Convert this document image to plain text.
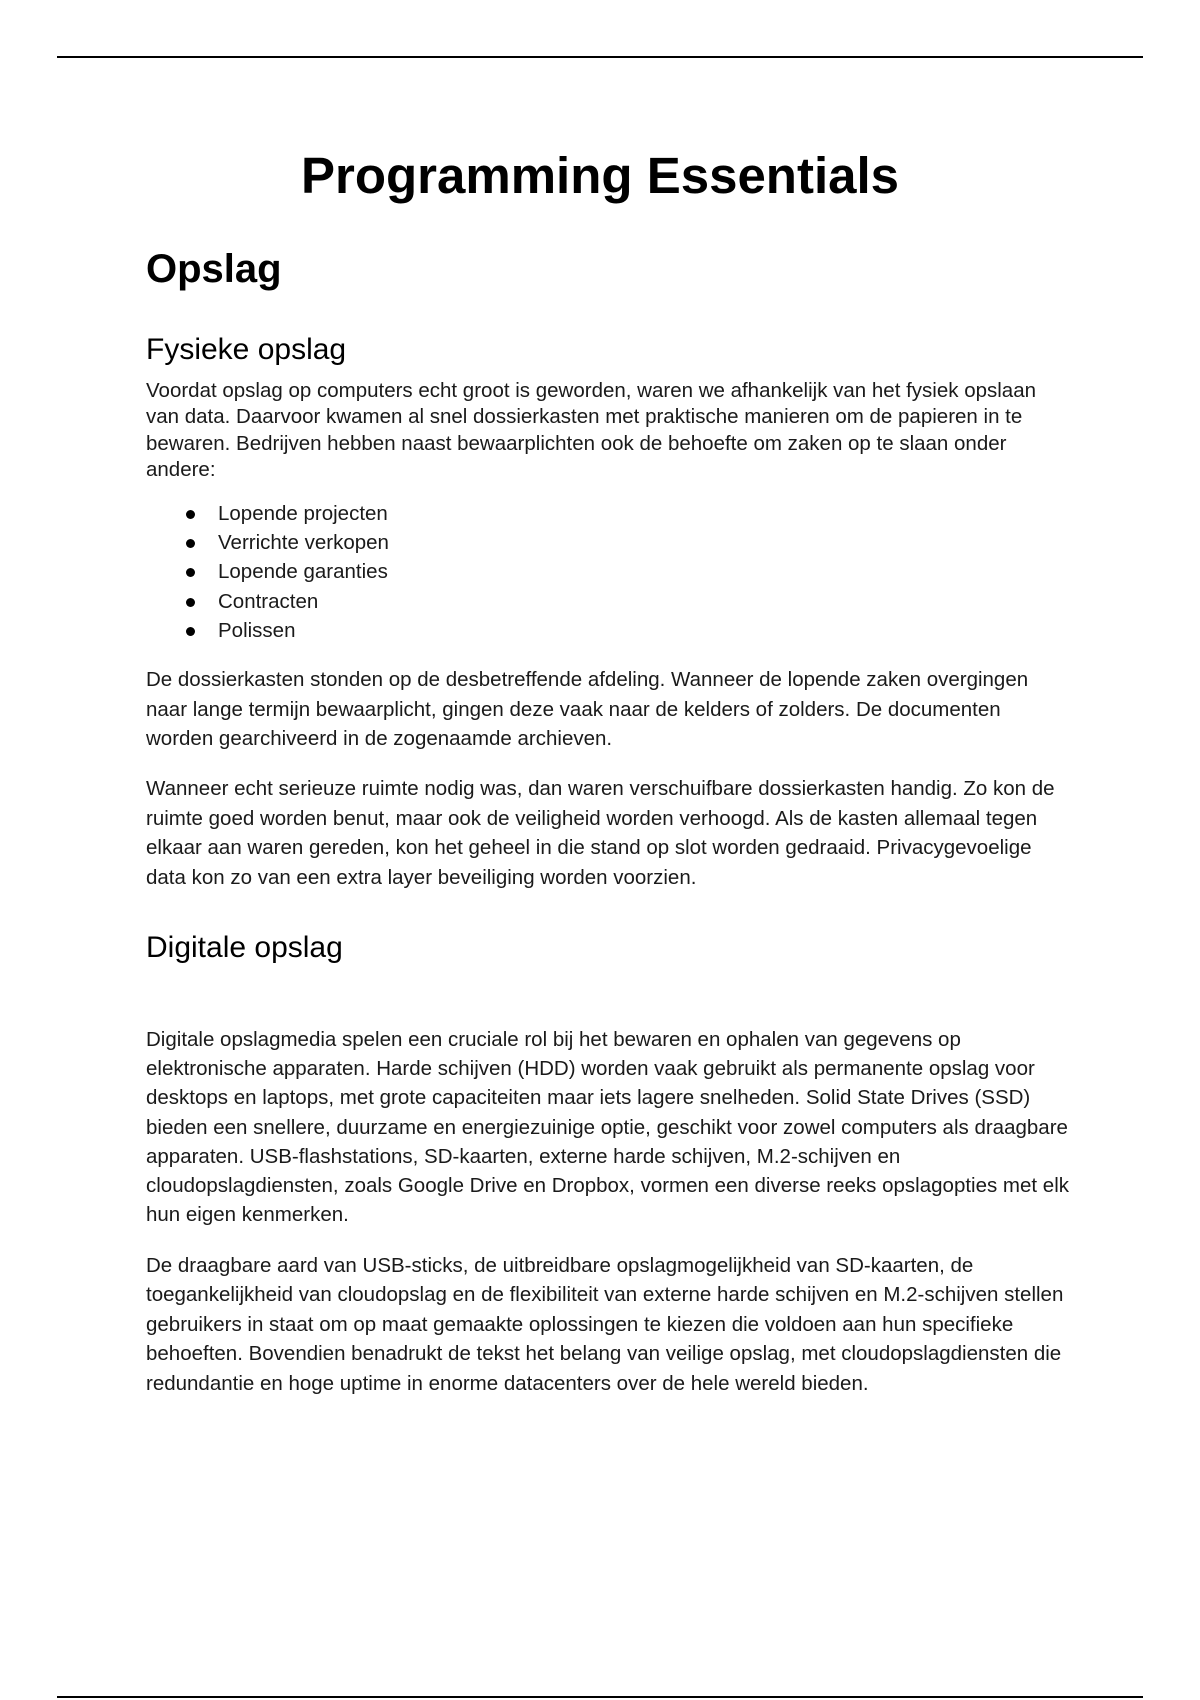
Programming Essentials
Opslag
Fysieke opslag

Voordat opslag op computers echt groot is geworden, waren we afhankelijk van het fysiek opslaan van data. Daarvoor kwamen al snel dossierkasten met praktische manieren om de papieren in te bewaren. Bedrijven hebben naast bewaarplichten ook de behoefte om zaken op te slaan onder andere:

Lopende projecten
Verrichte verkopen
Lopende garanties
Contracten
Polissen

De dossierkasten stonden op de desbetreffende afdeling. Wanneer de lopende zaken overgingen naar lange termijn bewaarplicht, gingen deze vaak naar de kelders of zolders. De documenten worden gearchiveerd in de zogenaamde archieven.

Wanneer echt serieuze ruimte nodig was, dan waren verschuifbare dossierkasten handig. Zo kon de ruimte goed worden benut, maar ook de veiligheid worden verhoogd. Als de kasten allemaal tegen elkaar aan waren gereden, kon het geheel in die stand op slot worden gedraaid. Privacygevoelige data kon zo van een extra layer beveiliging worden voorzien.

Digitale opslag

Digitale opslagmedia spelen een cruciale rol bij het bewaren en ophalen van gegevens op elektronische apparaten. Harde schijven (HDD) worden vaak gebruikt als permanente opslag voor desktops en laptops, met grote capaciteiten maar iets lagere snelheden. Solid State Drives (SSD) bieden een snellere, duurzame en energiezuinige optie, geschikt voor zowel computers als draagbare apparaten. USB-flashstations, SD-kaarten, externe harde schijven, M.2-schijven en cloudopslagdiensten, zoals Google Drive en Dropbox, vormen een diverse reeks opslagopties met elk hun eigen kenmerken.

De draagbare aard van USB-sticks, de uitbreidbare opslagmogelijkheid van SD-kaarten, de toegankelijkheid van cloudopslag en de flexibiliteit van externe harde schijven en M.2-schijven stellen gebruikers in staat om op maat gemaakte oplossingen te kiezen die voldoen aan hun specifieke behoeften. Bovendien benadrukt de tekst het belang van veilige opslag, met cloudopslagdiensten die redundantie en hoge uptime in enorme datacenters over de hele wereld bieden.
